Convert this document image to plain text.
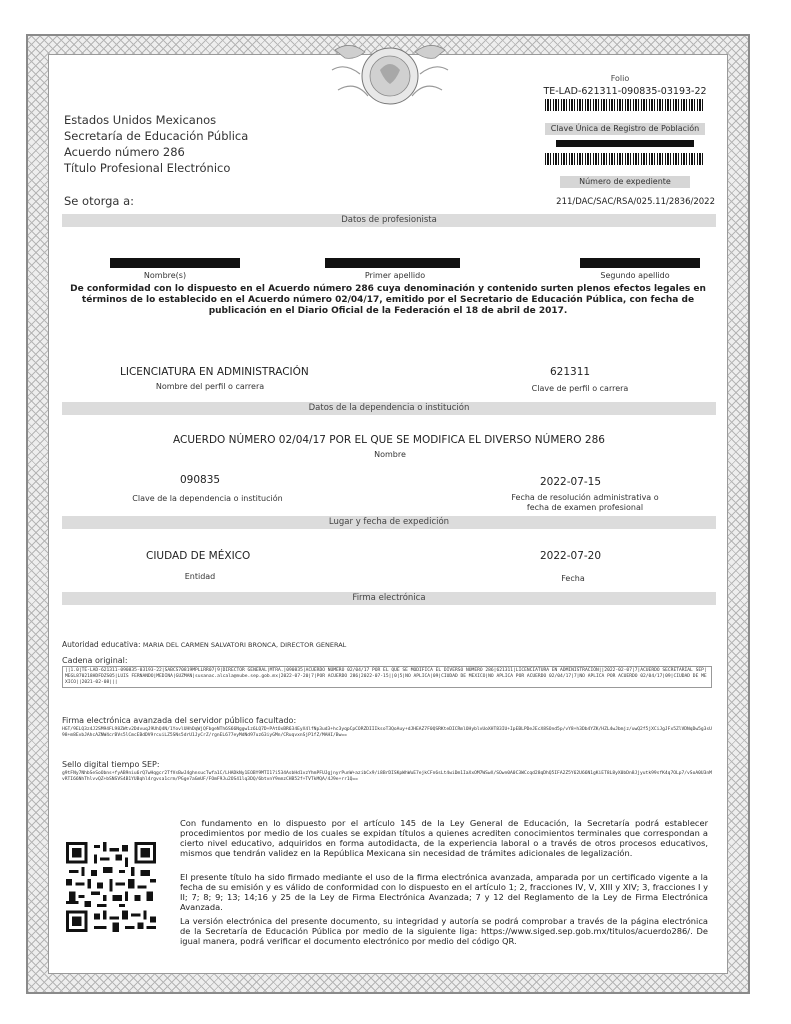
Estados Unidos Mexicanos
Secretaría de Educación Pública
Acuerdo número 286
Título Profesional Electrónico
Folio
TE-LAD-621311-090835-03193-22
Clave Única de Registro de Población
Número de expediente
Se otorga a:	211/DAC/SAC/RSA/025.11/2836/2022
Datos de profesionista
Nombre(s)	Primer apellido	Segundo apellido
De conformidad con lo dispuesto en el Acuerdo número 286 cuya denominación y contenido surten plenos efectos legales en términos de lo establecido en el Acuerdo número 02/04/17, emitido por el Secretario de Educación Pública, con fecha de publicación en el Diario Oficial de la Federación el 18 de abril de 2017.
LICENCIATURA EN ADMINISTRACIÓN
Nombre del perfil o carrera
621311
Clave de perfil o carrera
Datos de la dependencia o institución
ACUERDO NÚMERO 02/04/17 POR EL QUE SE MODIFICA EL DIVERSO NÚMERO 286
Nombre
090835
Clave de la dependencia o institución
2022-07-15
Fecha de resolución administrativa o
fecha de examen profesional
Lugar y fecha de expedición
CIUDAD DE MÉXICO
Entidad
2022-07-20
Fecha
Firma electrónica
Autoridad educativa: MARIA DEL CARMEN SALVATORI BRONCA, DIRECTOR GENERAL
Cadena original:
||1.0|TE-LAD-621311-090835-03193-22|SABCS70819MPLLRR07|9|DIRECTOR GENERAL|MTRA.|090835|ACUERDO NÚMERO 02/04/17 POR EL QUE SE MODIFICA EL DIVERSO NÚMERO 286|621311|LICENCIATURA EN ADMINISTRACIÓN||2022-02-07|7|ACUERDO SECRETARIAL SEP|MEGL870218HDFDZS05|LUIS FERNANDO|MEDINA|GUZMAN|susanac.alcala@nube.sep.gob.mx|2022-07-20|7|POR ACUERDO 286|2022-07-15||0|5|NO APLICA|09|CIUDAD DE MEXICO|NO APLICA POR ACUERDO 02/04/17|7|NO APLICA POR ACUERDO 02/04/17|09|CIUDAD DE MEXICO||2021-02-08|||
Firma electrónica avanzada del servidor público facultado:
HGT/9ELQ3z4J2SM94FL98ZWtv2DdvuqJ9UhQ4N/1YovlUHhDqWjQFbgeNTh6S66Nggw1z6LQ7D+PAtOxBR634EyX4lfNp3ud3+hc3yqpCpCORZDIIIksoT3QoAuy+dJHEAZ7F0QSRKteDICRmlOHyblvUoXHT83IU+IpEBLPDeJEcX8SOnd5p/vY8+h3Db4YZK/HZL4wJbmjz/uwQ2f5jXCiJgJFx5ZlVDNqDw5g3sU98+m8EvbJAhcAZNW4crBVs5lCmcEBdDV9rcuiLZ5SNs5drU1JyCrZ/rgnEL677eyMdNd97uz63iyGMn/CRuqvxnSjP1fZ/MAHI/Bw==
Sello digital tiempo SEP:
g9tFNy7NhbSeSoObns+fyAB9niu6rQ7wHqgcr2TfVsBwJ4ghnsucTwfa1C/LHADkNy1EOBY9MTI17i534AsbHd1vzYhmPFUJgjnyrPunW+azibCx9/i8BrDISKpWhWuE7ejkCFn6sLt4wiDm1IaXxOM7WSwX/SOwn0A0C3WCcqd28qDhQ5IFA2Z5Y62U66N1gKiET8L8yX0bDn8Jjyutk99sfK4q7OLp7/vSoA0U3nMvRTI66NhThlvvQZ+bSNSVS4B1YUBqhl4rgvsa1crm/PGge7aGmUF/FOmF9Ju2OS41lq3DQ/6btvnY9nmzCHB52f+TVTkMQA/4J9e+rr1Q==
Con fundamento en lo dispuesto por el artículo 145 de la Ley General de Educación, la Secretaría podrá establecer procedimientos por medio de los cuales se expidan títulos a quienes acrediten conocimientos terminales que correspondan a cierto nivel educativo, adquiridos en forma autodidacta, de la experiencia laboral o a través de otros procesos educativos, mismos que tendrán validez en la República Mexicana sin necesidad de trámites adicionales de legalización.
El presente título ha sido firmado mediante el uso de la firma electrónica avanzada, amparada por un certificado vigente a la fecha de su emisión y es válido de conformidad con lo dispuesto en el artículo 1; 2, fracciones IV, V, XIII y XIV; 3, fracciones I y II; 7; 8; 9; 13; 14;16 y 25 de la Ley de Firma Electrónica Avanzada; 7 y 12 del Reglamento de la Ley de Firma Electrónica Avanzada.
La versión electrónica del presente documento, su integridad y autoría se podrá comprobar a través de la página electrónica de la Secretaría de Educación Pública por medio de la siguiente liga: https://www.siged.sep.gob.mx/titulos/acuerdo286/. De igual manera, podrá verificar el documento electrónico por medio del código QR.
